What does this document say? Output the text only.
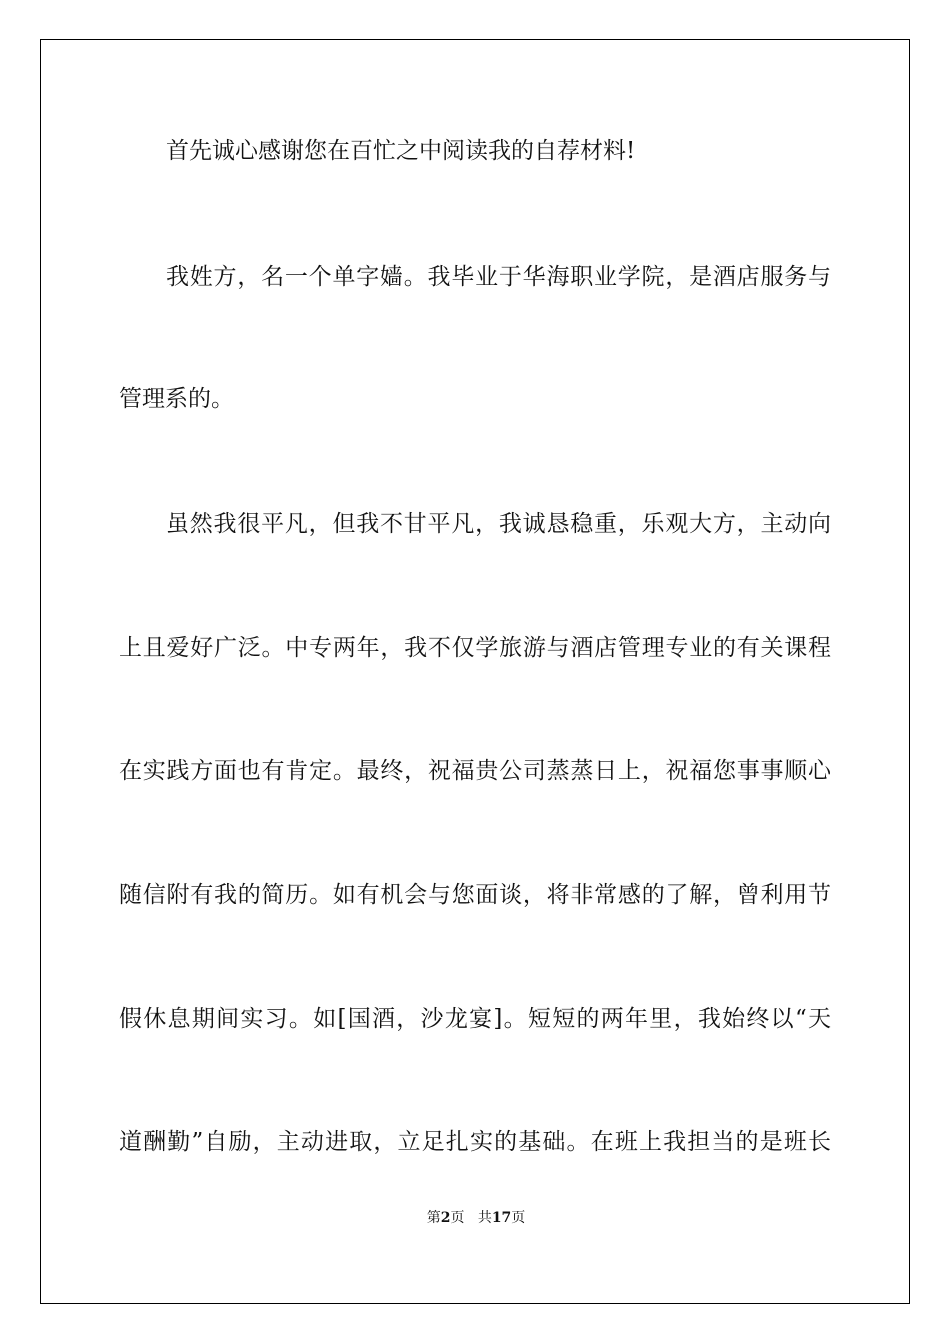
首先诚心感谢您在百忙之中阅读我的自荐材料!
我姓方，名一个单字嫱。我毕业于华海职业学院，是酒店服务与
管理系的。
虽然我很平凡，但我不甘平凡，我诚恳稳重，乐观大方，主动向
上且爱好广泛。中专两年，我不仅学旅游与酒店管理专业的有关课程
在实践方面也有肯定。最终，祝福贵公司蒸蒸日上，祝福您事事顺心
随信附有我的简历。如有机会与您面谈，将非常感的了解，曾利用节
假休息期间实习。如[国酒，沙龙宴]。短短的两年里，我始终以“天
道酬勤”自励，主动进取，立足扎实的基础。在班上我担当的是班长
第2页 共17页
